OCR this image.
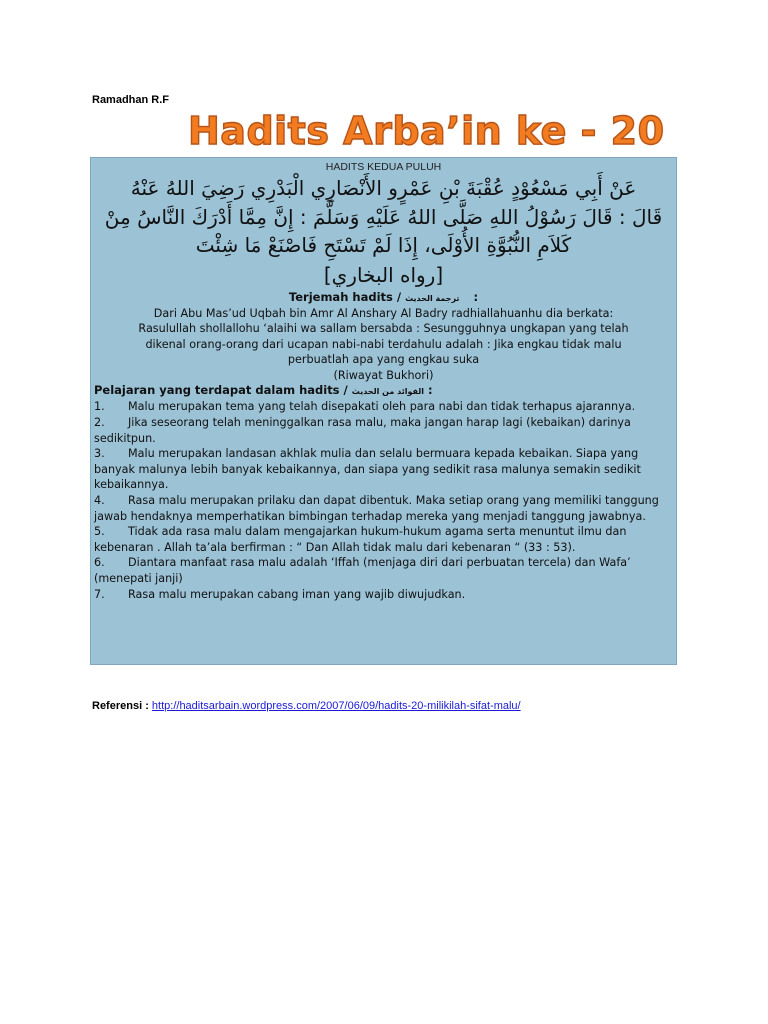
Ramadhan R.F
Hadits Arba’in ke - 20
HADITS KEDUA PULUH
عَنْ أَبِي مَسْعُوْدٍ عُقْبَةَ بْنِ عَمْرٍو الأَنْصَارِي الْبَدْرِي رَضِيَ اللهُ عَنْهُ
قَالَ : قَالَ رَسُوْلُ اللهِ صَلَّى اللهُ عَلَيْهِ وَسَلَّمَ : إِنَّ مِمَّا أَدْرَكَ النَّاسُ مِنْ
كَلاَمِ النُّبُوَّةِ الأُوْلَى، إِذَا لَمْ تَسْتَحِ فَاصْنَعْ مَا شِئْتَ
[رواه البخاري]
Terjemah hadits / ترجمة الحديث :
Dari Abu Mas’ud Uqbah bin Amr Al Anshary Al Badry radhiallahuanhu dia berkata:
Rasulullah shollallohu ‘alaihi wa sallam bersabda : Sesungguhnya ungkapan yang telah
dikenal orang-orang dari ucapan nabi-nabi terdahulu adalah : Jika engkau tidak malu
perbuatlah apa yang engkau suka
(Riwayat Bukhori)
Pelajaran yang terdapat dalam hadits / الفوائد من الحديث :
1. Malu merupakan tema yang telah disepakati oleh para nabi dan tidak terhapus ajarannya.
2. Jika seseorang telah meninggalkan rasa malu, maka jangan harap lagi (kebaikan) darinya sedikitpun.
3. Malu merupakan landasan akhlak mulia dan selalu bermuara kepada kebaikan. Siapa yang banyak malunya lebih banyak kebaikannya, dan siapa yang sedikit rasa malunya semakin sedikit kebaikannya.
4. Rasa malu merupakan prilaku dan dapat dibentuk. Maka setiap orang yang memiliki tanggung jawab hendaknya memperhatikan bimbingan terhadap mereka yang menjadi tanggung jawabnya.
5. Tidak ada rasa malu dalam mengajarkan hukum-hukum agama serta menuntut ilmu dan kebenaran . Allah ta’ala berfirman : “ Dan Allah tidak malu dari kebenaran “ (33 : 53).
6. Diantara manfaat rasa malu adalah ‘Iffah (menjaga diri dari perbuatan tercela) dan Wafa’ (menepati janji)
7. Rasa malu merupakan cabang iman yang wajib diwujudkan.
Referensi : http://haditsarbain.wordpress.com/2007/06/09/hadits-20-milikilah-sifat-malu/
